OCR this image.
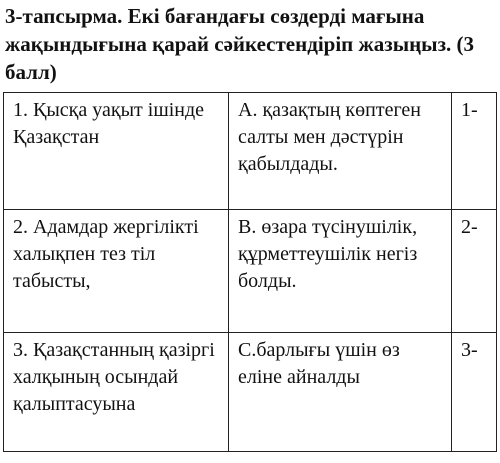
3-тапсырма. Екі бағандағы сөздерді мағына жақындығына қарай сәйкестендіріп жазыңыз. (3 балл)
1. Қысқа уақыт ішінде Қазақстан	А. қазақтың көптеген салты мен дәстүрін қабылдады.	1-
2. Адамдар жергілікті халықпен тез тіл табысты,	В. өзара түсінушілік, құрметтеушілік негіз болды.	2-
3. Қазақстанның қазіргі халқының осындай қалыптасуына	С.барлығы үшін өз еліне айналды	3-
